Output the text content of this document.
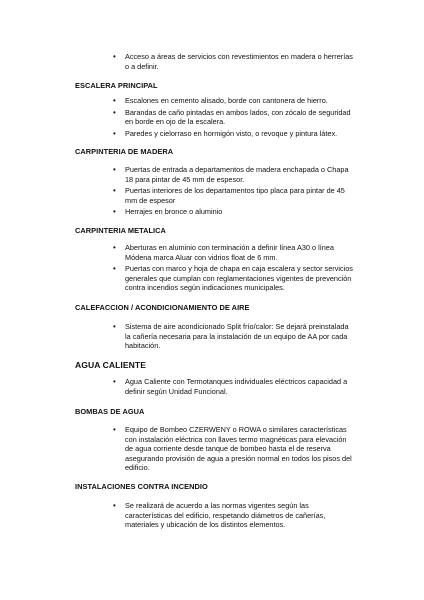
• Acceso a áreas de servicios con revestimientos en madera o herrerías o a definir.
ESCALERA PRINCIPAL
• Escalones en cemento alisado, borde con cantonera de hierro.
• Barandas de caño pintadas en ambos lados, con zócalo de seguridad en borde en ojo de la escalera.
• Paredes y cielorraso en hormigón visto, o revoque y pintura látex.
CARPINTERIA DE MADERA
• Puertas de entrada a departamentos de madera enchapada o Chapa 18 para pintar de 45 mm de espesor.
• Puertas interiores de los departamentos tipo placa para pintar de 45 mm de espesor
• Herrajes en bronce o aluminio
CARPINTERIA METALICA
• Aberturas en aluminio con terminación a definir línea A30 o línea Módena marca Aluar con vidrios float de 6 mm.
• Puertas con marco y hoja de chapa en caja escalera y sector servicios generales que cumplan con reglamentaciones vigentes de prevención contra incendios según indicaciones municipales.
CALEFACCION / ACONDICIONAMIENTO DE AIRE
• Sistema de aire acondicionado Split frío/calor: Se dejará preinstalada la cañería necesaria para la instalación de un equipo de AA por cada habitación.
AGUA CALIENTE
• Agua Caliente con Termotanques individuales eléctricos capacidad a definir según Unidad Funcional.
BOMBAS DE AGUA
• Equipo de Bombeo CZERWENY o ROWA o similares características con instalación eléctrica con llaves termo magnéticas para elevación de agua corriente desde tanque de bombeo hasta el de reserva asegurando provisión de agua a presión normal en todos los pisos del edificio.
INSTALACIONES CONTRA INCENDIO
• Se realizará de acuerdo a las normas vigentes según las características del edificio, respetando diámetros de cañerías, materiales y ubicación de los distintos elementos.
